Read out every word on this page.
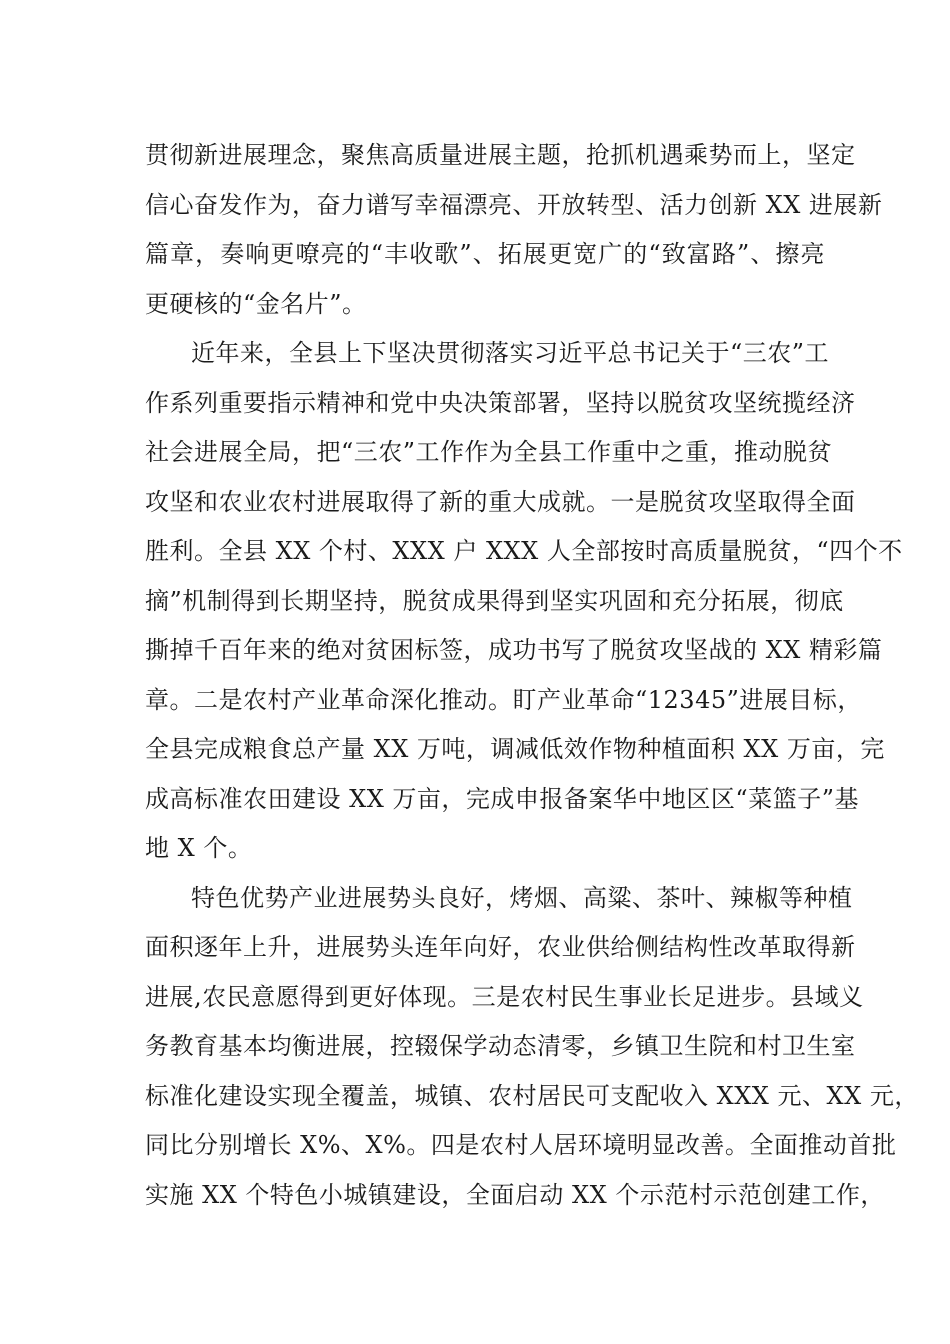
贯彻新进展理念，聚焦高质量进展主题，抢抓机遇乘势而上，坚定
信心奋发作为，奋力谱写幸福漂亮、开放转型、活力创新 XX 进展新
篇章，奏响更嘹亮的“丰收歌”、拓展更宽广的“致富路”、擦亮
更硬核的“金名片”。
近年来，全县上下坚决贯彻落实习近平总书记关于“三农”工
作系列重要指示精神和党中央决策部署，坚持以脱贫攻坚统揽经济
社会进展全局，把“三农”工作作为全县工作重中之重，推动脱贫
攻坚和农业农村进展取得了新的重大成就。一是脱贫攻坚取得全面
胜利。全县 XX 个村、XXX 户 XXX 人全部按时高质量脱贫，“四个不
摘”机制得到长期坚持，脱贫成果得到坚实巩固和充分拓展，彻底
撕掉千百年来的绝对贫困标签，成功书写了脱贫攻坚战的 XX 精彩篇
章。二是农村产业革命深化推动。盯产业革命“12345”进展目标，
全县完成粮食总产量 XX 万吨，调减低效作物种植面积 XX 万亩，完
成高标准农田建设 XX 万亩，完成申报备案华中地区区“菜篮子”基
地 X 个。
特色优势产业进展势头良好，烤烟、高粱、茶叶、辣椒等种植
面积逐年上升，进展势头连年向好，农业供给侧结构性改革取得新
进展,农民意愿得到更好体现。三是农村民生事业长足进步。县域义
务教育基本均衡进展，控辍保学动态清零，乡镇卫生院和村卫生室
标准化建设实现全覆盖，城镇、农村居民可支配收入 XXX 元、XX 元，
同比分别增长 X%、X%。四是农村人居环境明显改善。全面推动首批
实施 XX 个特色小城镇建设，全面启动 XX 个示范村示范创建工作，
